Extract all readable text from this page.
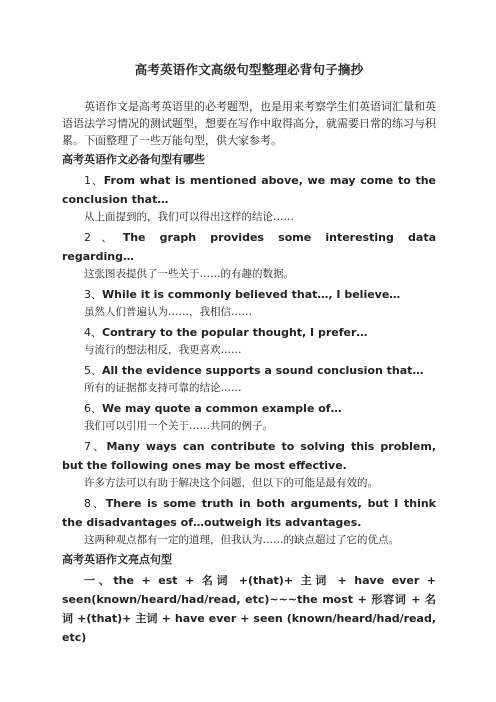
高考英语作文高级句型整理必背句子摘抄

英语作文是高考英语里的必考题型，也是用来考察学生们英语词汇量和英语语法学习情况的测试题型，想要在写作中取得高分，就需要日常的练习与积累。下面整理了一些万能句型，供大家参考。

高考英语作文必备句型有哪些

1、From what is mentioned above, we may come to the conclusion that…

从上面提到的，我们可以得出这样的结论……

2、The graph provides some interesting data regarding…

这张图表提供了一些关于……的有趣的数据。

3、While it is commonly believed that…, I believe…

虽然人们普遍认为……，我相信……

4、Contrary to the popular thought, I prefer…

与流行的想法相反，我更喜欢……

5、All the evidence supports a sound conclusion that…

所有的证据都支持可靠的结论……

6、We may quote a common example of…

我们可以引用一个关于……共同的例子。

7、Many ways can contribute to solving this problem, but the following ones may be most effective.

许多方法可以有助于解决这个问题，但以下的可能是最有效的。

8、There is some truth in both arguments, but I think the disadvantages of…outweigh its advantages.

这两种观点都有一定的道理，但我认为……的缺点超过了它的优点。

高考英语作文亮点句型

一、the + est + 名词 +(that)+ 主词 + have ever + seen(known/heard/had/read, etc)~~~the most + 形容词 + 名词 +(that)+ 主词 + have ever + seen (known/heard/had/read, etc)
